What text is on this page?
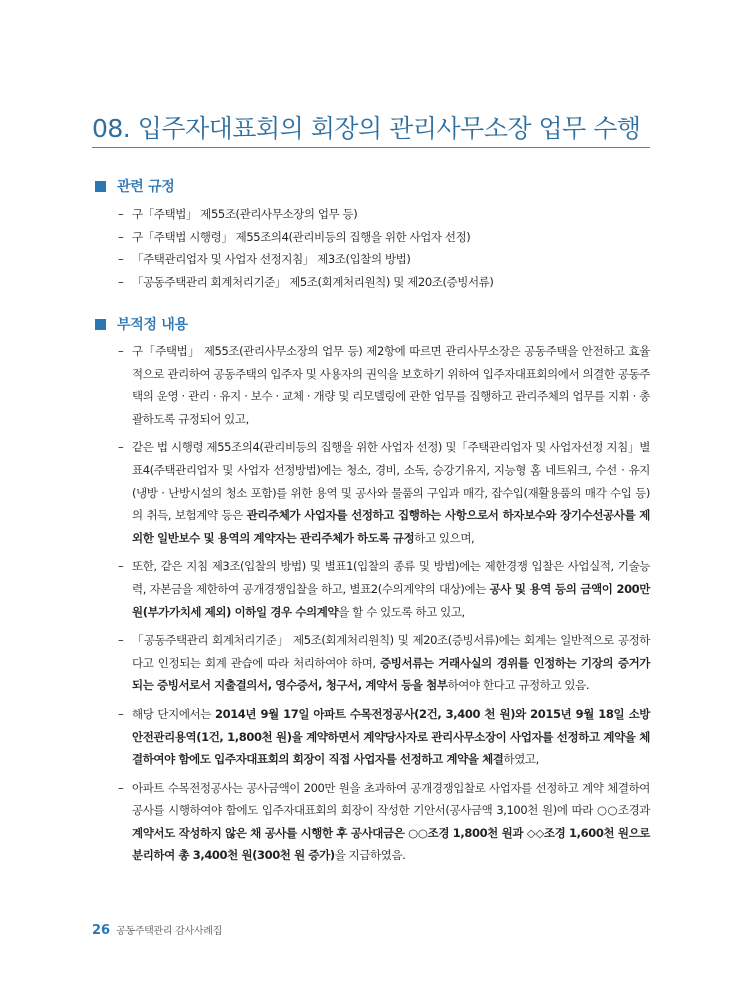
08. 입주자대표회의 회장의 관리사무소장 업무 수행
관련 규정
– 구「주택법」 제55조(관리사무소장의 업무 등)
– 구「주택법 시행령」 제55조의4(관리비등의 집행을 위한 사업자 선정)
– 「주택관리업자 및 사업자 선정지침」 제3조(입찰의 방법)
– 「공동주택관리 회계처리기준」 제5조(회계처리원칙) 및 제20조(증빙서류)
부적정 내용
– 구「주택법」 제55조(관리사무소장의 업무 등) 제2항에 따르면 관리사무소장은 공동주택을 안전하고 효율적으로 관리하여 공동주택의 입주자 및 사용자의 권익을 보호하기 위하여 입주자대표회의에서 의결한 공동주택의 운영 · 관리 · 유지 · 보수 · 교체 · 개량 및 리모델링에 관한 업무를 집행하고 관리주체의 업무를 지휘 · 총괄하도록 규정되어 있고,
– 같은 법 시행령 제55조의4(관리비등의 집행을 위한 사업자 선정) 및「주택관리업자 및 사업자선정 지침」별표4(주택관리업자 및 사업자 선정방법)에는 청소, 경비, 소독, 승강기유지, 지능형 홈 네트워크, 수선 · 유지(냉방 · 난방시설의 청소 포함)를 위한 용역 및 공사와 물품의 구입과 매각, 잡수입(재활용품의 매각 수입 등)의 취득, 보험계약 등은 관리주체가 사업자를 선정하고 집행하는 사항으로서 하자보수와 장기수선공사를 제외한 일반보수 및 용역의 계약자는 관리주체가 하도록 규정하고 있으며,
– 또한, 같은 지침 제3조(입찰의 방법) 및 별표1(입찰의 종류 및 방법)에는 제한경쟁 입찰은 사업실적, 기술능력, 자본금을 제한하여 공개경쟁입찰을 하고, 별표2(수의계약의 대상)에는 공사 및 용역 등의 금액이 200만원(부가가치세 제외) 이하일 경우 수의계약을 할 수 있도록 하고 있고,
– 「공동주택관리 회계처리기준」 제5조(회계처리원칙) 및 제20조(증빙서류)에는 회계는 일반적으로 공정하다고 인정되는 회계 관습에 따라 처리하여야 하며, 증빙서류는 거래사실의 경위를 인정하는 기장의 증거가 되는 증빙서로서 지출결의서, 영수증서, 청구서, 계약서 등을 첨부하여야 한다고 규정하고 있음.
– 해당 단지에서는 2014년 9월 17일 아파트 수목전정공사(2건, 3,400 천 원)와 2015년 9월 18일 소방 안전관리용역(1건, 1,800천 원)을 계약하면서 계약당사자로 관리사무소장이 사업자를 선정하고 계약을 체결하여야 함에도 입주자대표회의 회장이 직접 사업자를 선정하고 계약을 체결하였고,
– 아파트 수목전정공사는 공사금액이 200만 원을 초과하여 공개경쟁입찰로 사업자를 선정하고 계약 체결하여 공사를 시행하여야 함에도 입주자대표회의 회장이 작성한 기안서(공사금액 3,100천 원)에 따라 ○○조경과 계약서도 작성하지 않은 채 공사를 시행한 후 공사대금은 ○○조경 1,800천 원과 ◇◇조경 1,600천 원으로 분리하여 총 3,400천 원(300천 원 증가)을 지급하였음.
26 공동주택관리 감사사례집
